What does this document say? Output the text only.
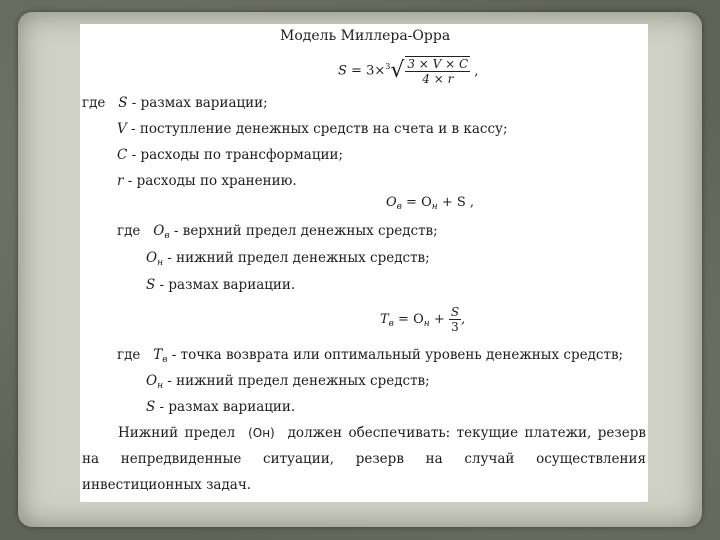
Модель Миллера-Орра
$S = 3\times^3√ \frac{3 \times V \times C}{4 \times r}$ ,
где S - размах вариации;
V - поступление денежных средств на счета и в кассу;
C - расходы по трансформации;
r - расходы по хранению.
$O_в = O_н + S$ ,
где $O_в$ - верхний предел денежных средств;
$O_н$ - нижний предел денежных средств;
S - размах вариации.
$T_в = O_н + \frac{S}{3}$ ,
где $T_в$ - точка возврата или оптимальный уровень денежных средств;
$O_н$ - нижний предел денежных средств;
S - размах вариации.
Нижний предел (Oн) должен обеспечивать: текущие платежи, резерв на непредвиденные ситуации, резерв на случай осуществления инвестиционных задач.
